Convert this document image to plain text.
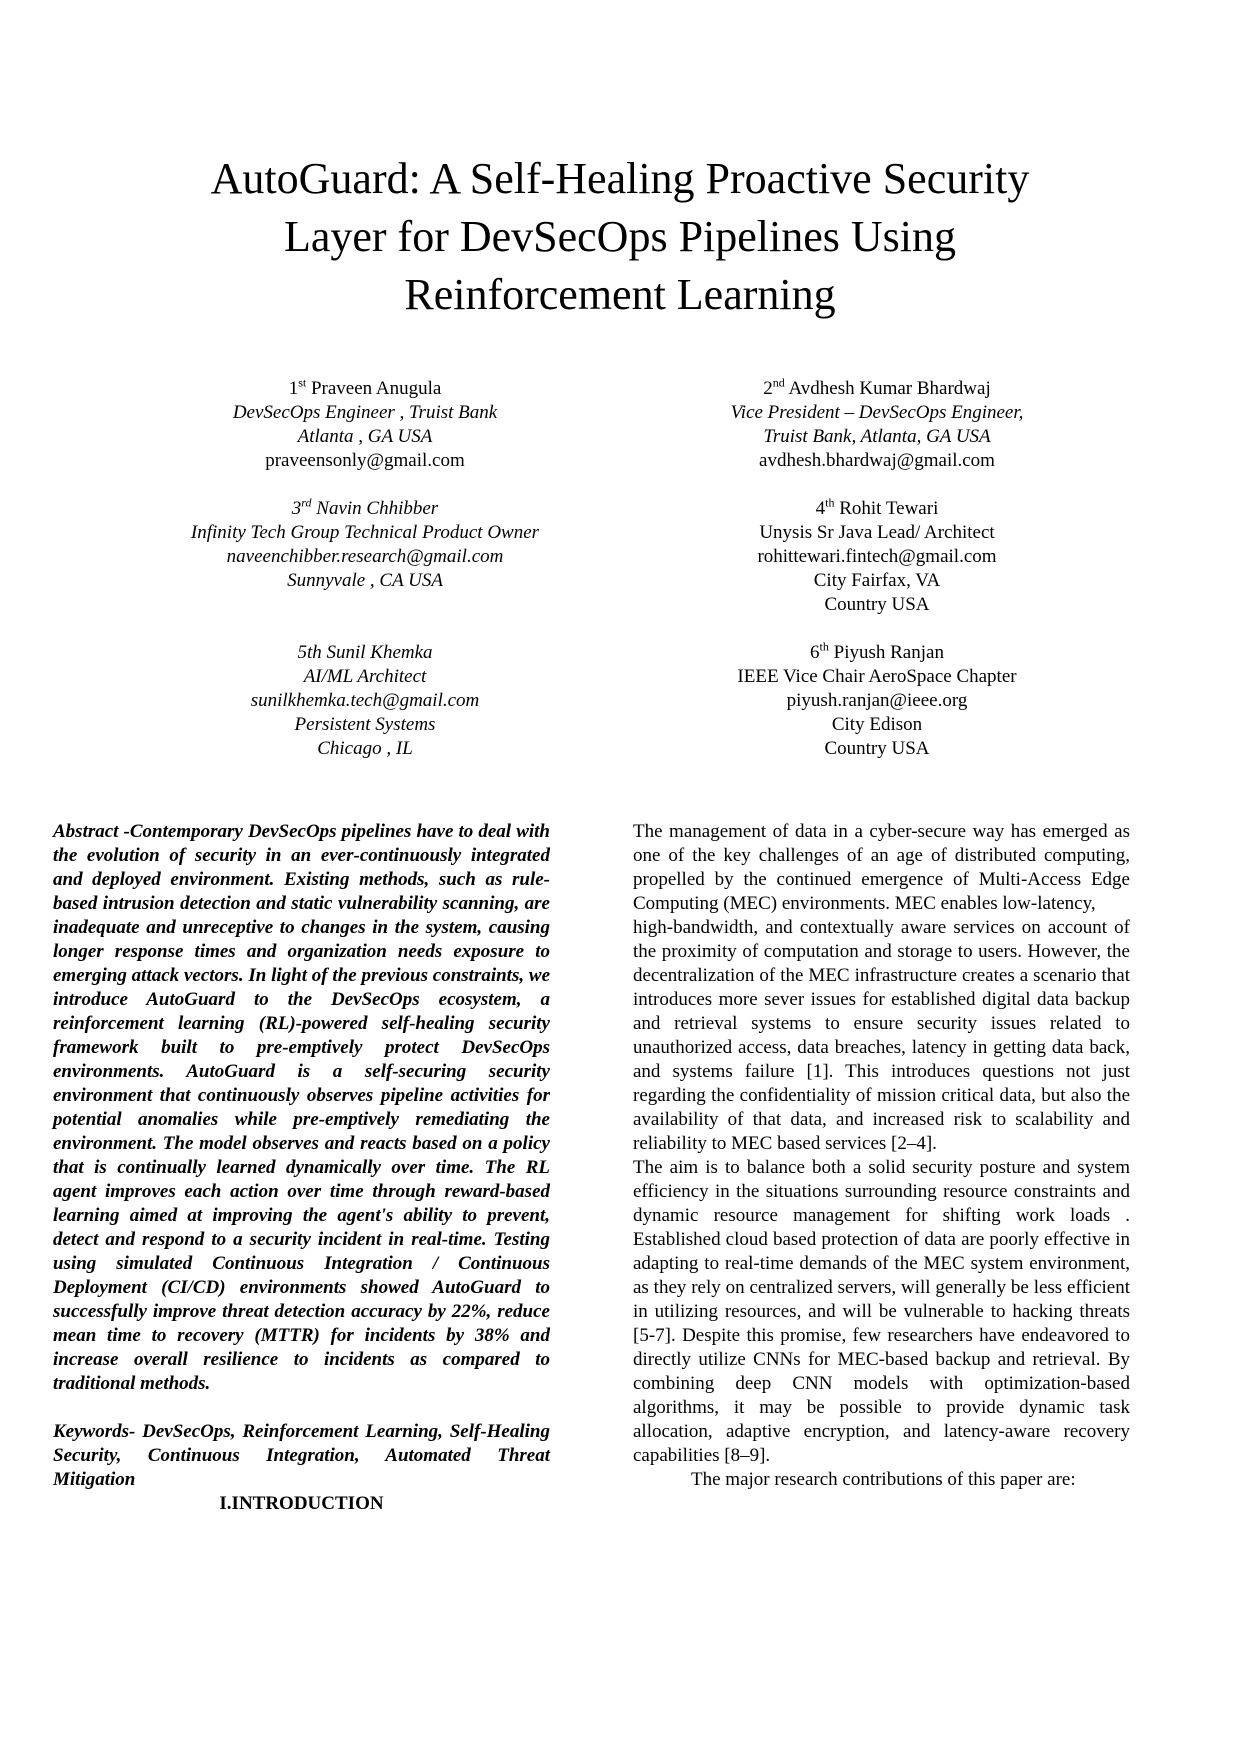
AutoGuard: A Self-Healing Proactive Security
Layer for DevSecOps Pipelines Using
Reinforcement Learning
1st Praveen Anugula
DevSecOps Engineer , Truist Bank
Atlanta , GA USA
praveensonly@gmail.com
2nd Avdhesh Kumar Bhardwaj
Vice President – DevSecOps Engineer,
Truist Bank, Atlanta, GA USA
avdhesh.bhardwaj@gmail.com
3rd Navin Chhibber
Infinity Tech Group Technical Product Owner
naveenchibber.research@gmail.com
Sunnyvale , CA USA
4th Rohit Tewari
Unysis Sr Java Lead/ Architect
rohittewari.fintech@gmail.com
City Fairfax, VA
Country USA
5th Sunil Khemka
AI/ML Architect
sunilkhemka.tech@gmail.com
Persistent Systems
Chicago , IL
6th Piyush Ranjan
IEEE Vice Chair AeroSpace Chapter
piyush.ranjan@ieee.org
City Edison
Country USA

Abstract -Contemporary DevSecOps pipelines have to deal with the evolution of security in an ever-continuously integrated and deployed environment. Existing methods, such as rule-based intrusion detection and static vulnerability scanning, are inadequate and unreceptive to changes in the system, causing longer response times and organization needs exposure to emerging attack vectors. In light of the previous constraints, we introduce AutoGuard to the DevSecOps ecosystem, a reinforcement learning (RL)-powered self-healing security framework built to pre-emptively protect DevSecOps environments. AutoGuard is a self-securing security environment that continuously observes pipeline activities for potential anomalies while pre-emptively remediating the environment. The model observes and reacts based on a policy that is continually learned dynamically over time. The RL agent improves each action over time through reward-based learning aimed at improving the agent's ability to prevent, detect and respond to a security incident in real-time. Testing using simulated Continuous Integration / Continuous Deployment (CI/CD) environments showed AutoGuard to successfully improve threat detection accuracy by 22%, reduce mean time to recovery (MTTR) for incidents by 38% and increase overall resilience to incidents as compared to traditional methods.

Keywords- DevSecOps, Reinforcement Learning, Self-Healing Security, Continuous Integration, Automated Threat Mitigation

I.INTRODUCTION

The management of data in a cyber-secure way has emerged as one of the key challenges of an age of distributed computing, propelled by the continued emergence of Multi-Access Edge Computing (MEC) environments. MEC enables low-latency,

high-bandwidth, and contextually aware services on account of the proximity of computation and storage to users. However, the decentralization of the MEC infrastructure creates a scenario that introduces more sever issues for established digital data backup and retrieval systems to ensure security issues related to unauthorized access, data breaches, latency in getting data back, and systems failure [1]. This introduces questions not just regarding the confidentiality of mission critical data, but also the availability of that data, and increased risk to scalability and reliability to MEC based services [2–4].

The aim is to balance both a solid security posture and system efficiency in the situations surrounding resource constraints and dynamic resource management for shifting work loads . Established cloud based protection of data are poorly effective in adapting to real-time demands of the MEC system environment, as they rely on centralized servers, will generally be less efficient in utilizing resources, and will be vulnerable to hacking threats [5-7]. Despite this promise, few researchers have endeavored to directly utilize CNNs for MEC-based backup and retrieval. By combining deep CNN models with optimization-based algorithms, it may be possible to provide dynamic task allocation, adaptive encryption, and latency-aware recovery capabilities [8–9].

The major research contributions of this paper are:
